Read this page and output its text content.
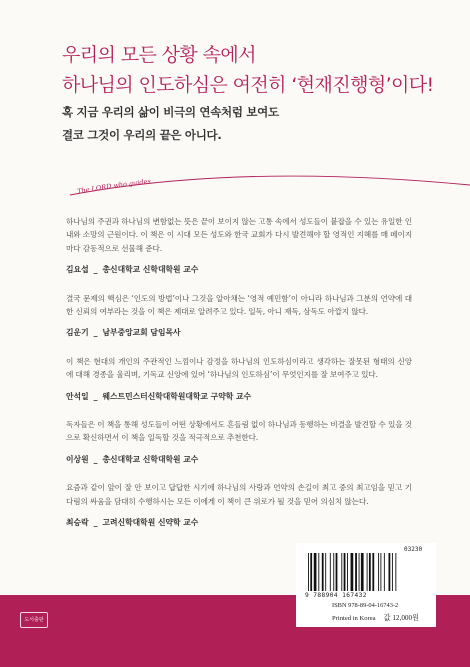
우리의 모든 상황 속에서
하나님의 인도하심은 여전히 ‘현재진행형’이다!
혹 지금 우리의 삶이 비극의 연속처럼 보여도
결코 그것이 우리의 끝은 아니다.
The LORD who guides

하나님의 주권과 하나님의 변함없는 뜻은 끝이 보이지 않는 고통 속에서 성도들이 붙잡을 수 있는 유일한 인내와 소망의 근원이다. 이 책은 이 시대 모든 성도와 한국 교회가 다시 발견해야 할 영적인 지혜를 매 페이지마다 감동적으로 선물해 준다.

김요섭 _ 총신대학교 신학대학원 교수

결국 문제의 핵심은 ‘인도의 방법’이나 그것을 알아채는 ‘영적 예민함’이 아니라 하나님과 그분의 언약에 대한 신뢰의 여부라는 것을 이 책은 제대로 알려주고 있다. 일독, 아니 재독, 삼독도 아깝지 않다.

김운기 _ 남부중앙교회 담임목사

이 책은 현대의 개인의 주관적인 느낌이나 감정을 하나님의 인도하심이라고 생각하는 잘못된 형태의 신앙에 대해 경종을 울리며, 기독교 신앙에 있어 ‘하나님의 인도하심’이 무엇인지를 잘 보여주고 있다.

안석일 _ 웨스트민스터신학대학원대학교 구약학 교수

독자들은 이 책을 통해 성도들이 어떤 상황에서도 흔들림 없이 하나님과 동행하는 비결을 발견할 수 있을 것으로 확신하면서 이 책을 일독할 것을 적극적으로 추천한다.

이상원 _ 총신대학교 신학대학원 교수

요즘과 같이 앞이 잘 안 보이고 답답한 시기에 하나님의 사랑과 언약의 손길이 최고 중의 최고임을 믿고 기다림의 싸움을 담대히 수행하시는 모든 이에게 이 책이 큰 위로가 될 것을 믿어 의심치 않는다.

최승락 _ 고려신학대학원 신약학 교수
도서출판
03230
9 788904 167432
ISBN 978-89-04-16743-2
Printed in Korea 값 12,000원
